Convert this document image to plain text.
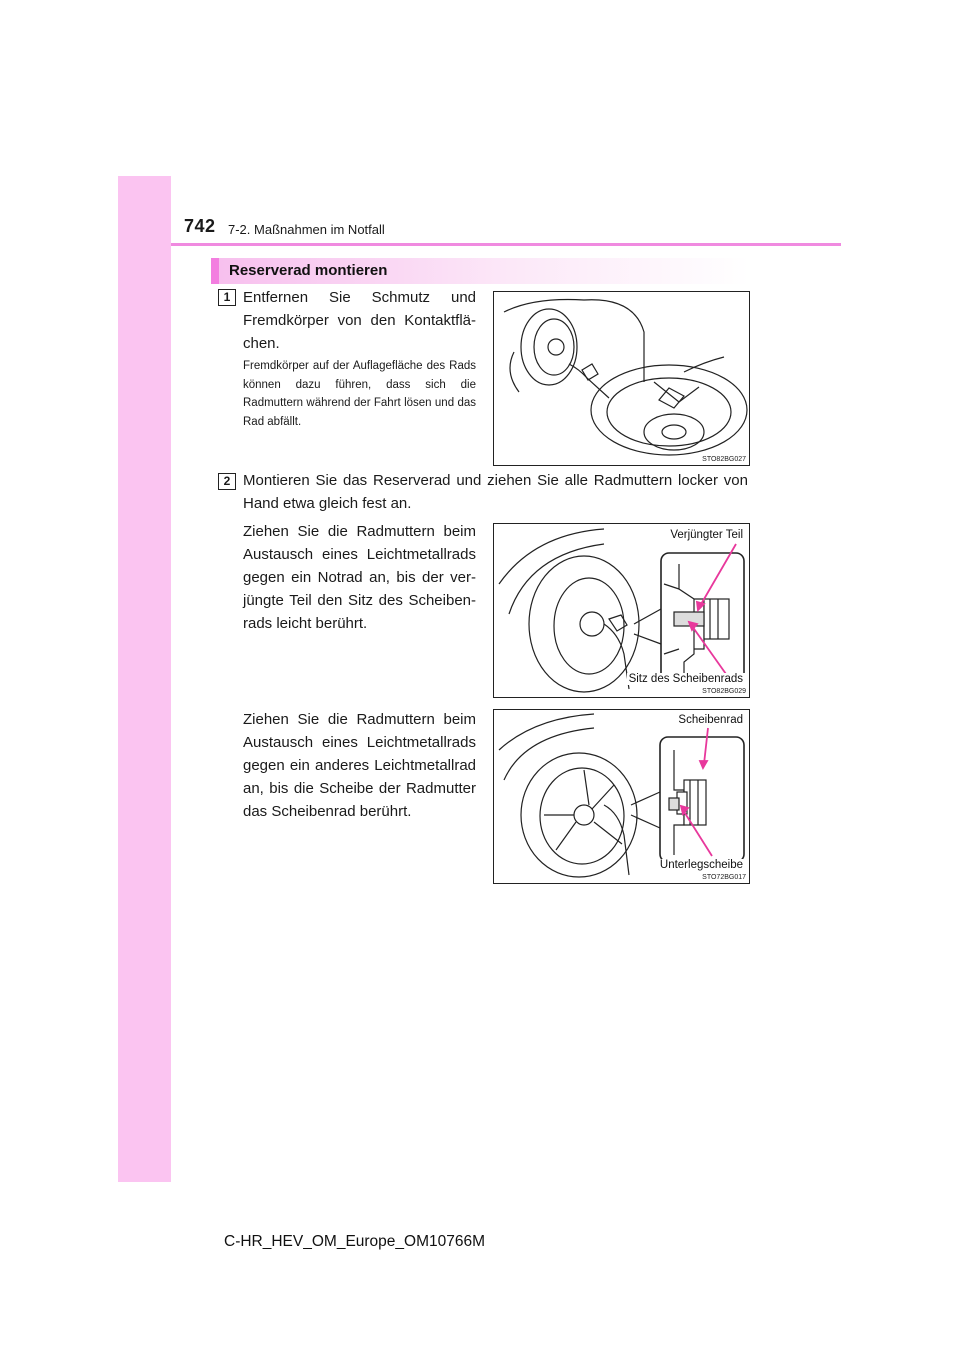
742 7-2. Maßnahmen im Notfall
Reserverad montieren
1 Entfernen Sie Schmutz und Fremdkörper von den Kontaktflä-chen.
Fremdkörper auf der Auflagefläche des Rads können dazu führen, dass sich die Radmuttern während der Fahrt lösen und das Rad abfällt.
STO82BG027
2 Montieren Sie das Reserverad und ziehen Sie alle Radmuttern locker von Hand etwa gleich fest an.
Ziehen Sie die Radmuttern beim Austausch eines Leichtmetallrads gegen ein Notrad an, bis der ver-jüngte Teil den Sitz des Scheiben-rads leicht berührt.
Verjüngter Teil
Sitz des Scheibenrads
STO82BG029
Ziehen Sie die Radmuttern beim Austausch eines Leichtmetallrads gegen ein anderes Leichtmetallrad an, bis die Scheibe der Radmutter das Scheibenrad berührt.
Scheibenrad
Unterlegscheibe
STO72BG017
C-HR_HEV_OM_Europe_OM10766M
